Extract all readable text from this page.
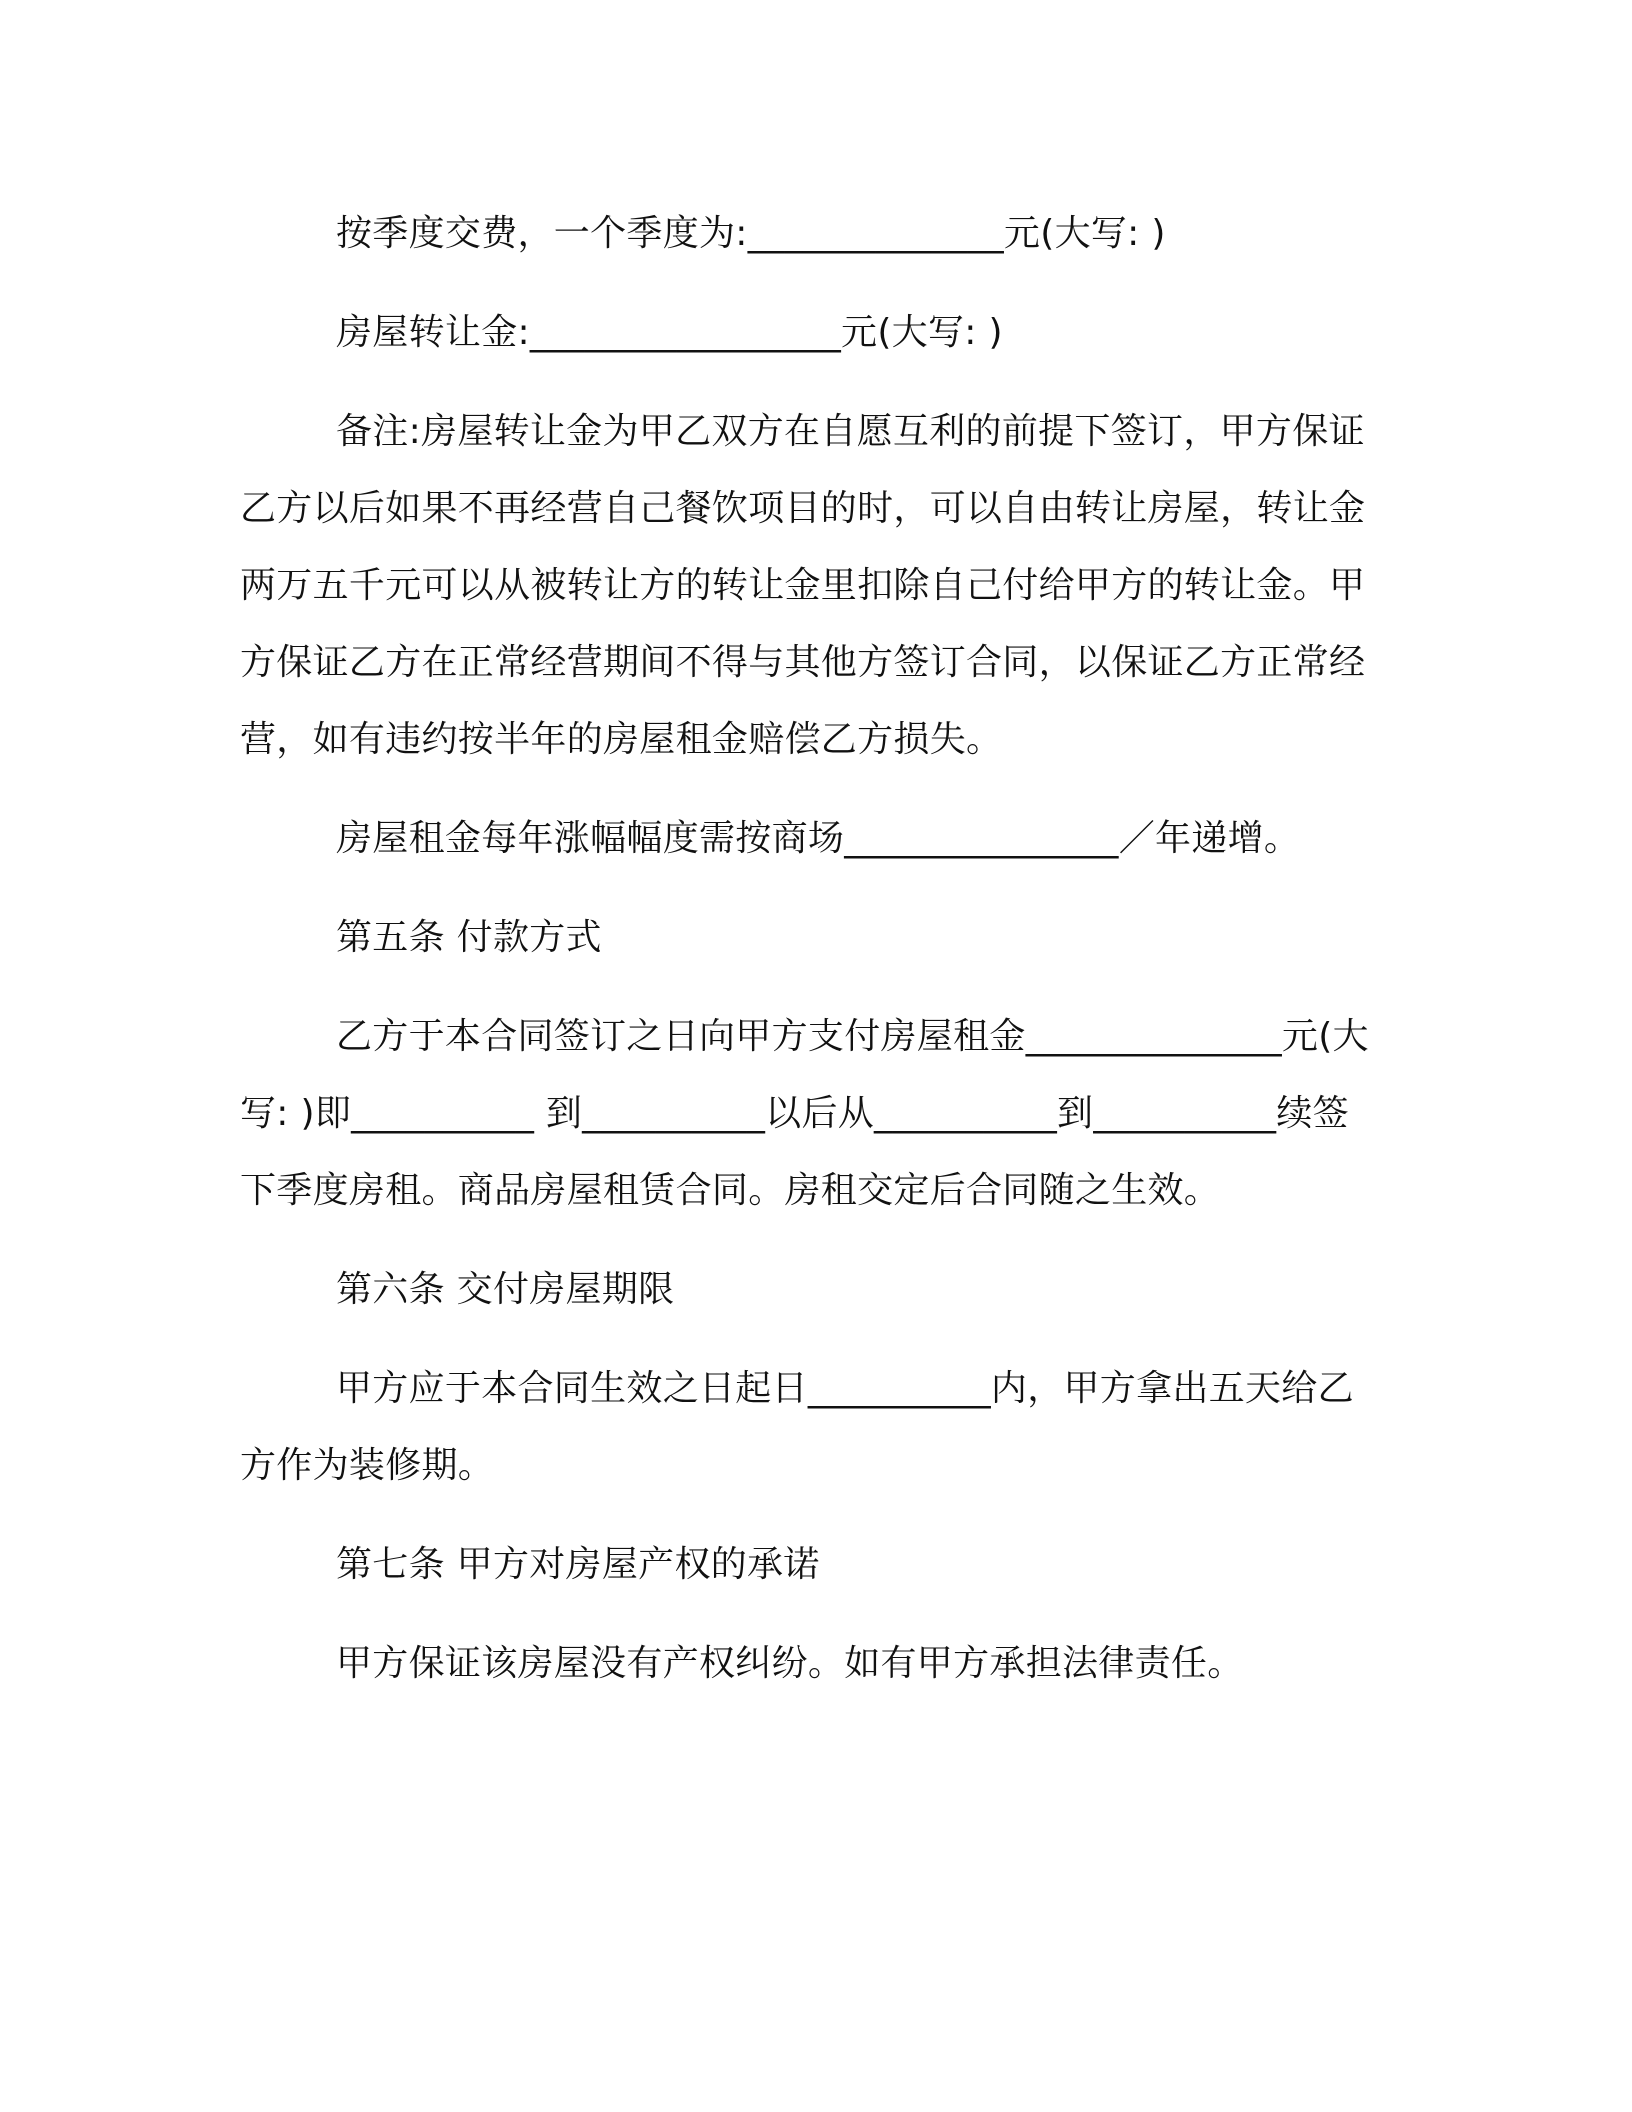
按季度交费，一个季度为:______________元(大写: )

房屋转让金:_________________元(大写: )

备注:房屋转让金为甲乙双方在自愿互利的前提下签订，甲方保证乙方以后如果不再经营自己餐饮项目的时，可以自由转让房屋，转让金两万五千元可以从被转让方的转让金里扣除自己付给甲方的转让金。甲方保证乙方在正常经营期间不得与其他方签订合同，以保证乙方正常经营，如有违约按半年的房屋租金赔偿乙方损失。

房屋租金每年涨幅幅度需按商场_______________／年递增。

第五条 付款方式

乙方于本合同签订之日向甲方支付房屋租金______________元(大写: )即__________ 到__________以后从__________到__________续签下季度房租。商品房屋租赁合同。房租交定后合同随之生效。

第六条 交付房屋期限

甲方应于本合同生效之日起日__________内，甲方拿出五天给乙方作为装修期。

第七条 甲方对房屋产权的承诺

甲方保证该房屋没有产权纠纷。如有甲方承担法律责任。
